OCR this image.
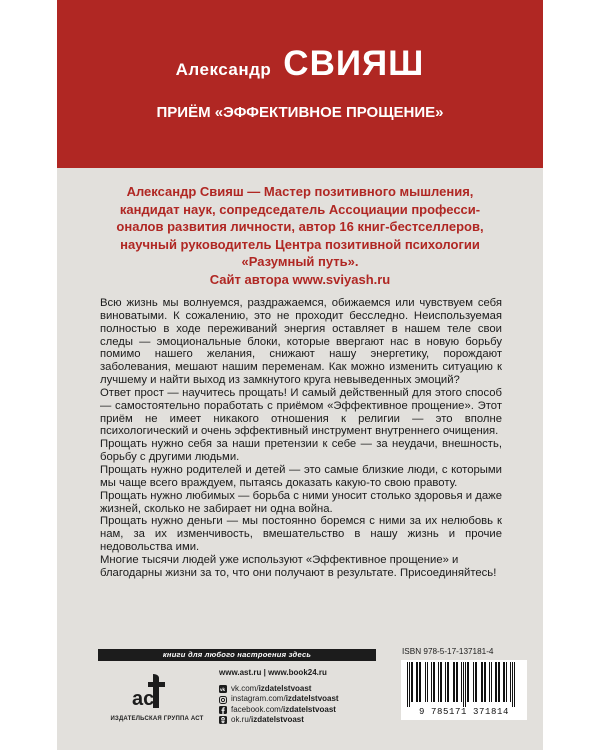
Александр СВИЯШ
ПРИЁМ «ЭФФЕКТИВНОЕ ПРОЩЕНИЕ»
Александр Свияш — Мастер позитивного мышления,
кандидат наук, сопредседатель Ассоциации професси-
оналов развития личности, автор 16 книг-бестселлеров,
научный руководитель Центра позитивной психологии
«Разумный путь».
Сайт автора www.sviyash.ru

Всю жизнь мы волнуемся, раздражаемся, обижаемся или чувствуем себя виноватыми. К сожалению, это не проходит бесследно. Неиспользуемая полностью в ходе переживаний энергия оставляет в нашем теле свои следы — эмоциональные блоки, которые ввергают нас в новую борьбу помимо нашего желания, снижают нашу энергетику, порождают заболевания, мешают нашим переменам. Как можно изменить ситуацию к лучшему и найти выход из замкнутого круга невыведенных эмоций?

Ответ прост — научитесь прощать! И самый действенный для этого способ — самостоятельно поработать с приёмом «Эффективное прощение». Этот приём не имеет никакого отношения к религии — это вполне психологический и очень эффективный инструмент внутреннего очищения.

Прощать нужно себя за наши претензии к себе — за неудачи, внешность, борьбу с другими людьми.

Прощать нужно родителей и детей — это самые близкие люди, с которыми мы чаще всего враждуем, пытаясь доказать какую-то свою правоту.

Прощать нужно любимых — борьба с ними уносит столько здоровья и даже жизней, сколько не забирает ни одна война.

Прощать нужно деньги — мы постоянно боремся с ними за их нелюбовь к нам, за их изменчивость, вмешательство в нашу жизнь и прочие недовольства ими.

Многие тысячи людей уже используют «Эффективное прощение» и благодарны жизни за то, что они получают в результате. Присоединяйтесь!

книги для любого настроения здесь
ac
ИЗДАТЕЛЬСКАЯ ГРУППА АСТ
www.ast.ru | www.book24.ru
vk vk.com/ izdatelstvoast
instagram.com/ izdatelstvoast
facebook.com/ izdatelstvoast
ok.ru/ izdatelstvoast
ISBN 978-5-17-137181-4
9 785171 371814
